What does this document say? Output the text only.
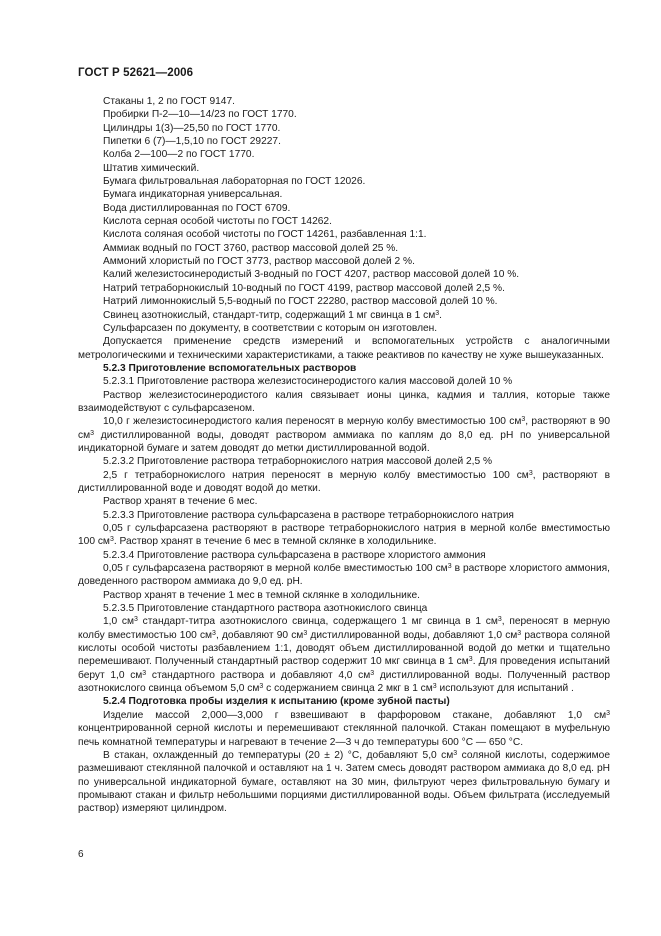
ГОСТ Р 52621—2006

Стаканы 1, 2 по ГОСТ 9147.

Пробирки П-2—10—14/23 по ГОСТ 1770.

Цилиндры 1(3)—25,50 по ГОСТ 1770.

Пипетки 6 (7)—1,5,10 по ГОСТ 29227.

Колба 2—100—2 по ГОСТ 1770.

Штатив химический.

Бумага фильтровальная лабораторная по ГОСТ 12026.

Бумага индикаторная универсальная.

Вода дистиллированная по ГОСТ 6709.

Кислота серная особой чистоты по ГОСТ 14262.

Кислота соляная особой чистоты по ГОСТ 14261, разбавленная 1:1.

Аммиак водный по ГОСТ 3760, раствор массовой долей 25 %.

Аммоний хлористый по ГОСТ 3773, раствор массовой долей 2 %.

Калий железистосинеродистый 3-водный по ГОСТ 4207, раствор массовой долей 10 %.

Натрий тетраборнокислый 10-водный по ГОСТ 4199, раствор массовой долей 2,5 %.

Натрий лимоннокислый 5,5-водный по ГОСТ 22280, раствор массовой долей 10 %.

Свинец азотнокислый, стандарт-титр, содержащий 1 мг свинца в 1 $см^3$.

Сульфарсазен по документу, в соответствии с которым он изготовлен.

Допускается применение средств измерений и вспомогательных устройств с аналогичными метрологическими и техническими характеристиками, а также реактивов по качеству не хуже вышеуказанных.

5.2.3 Приготовление вспомогательных растворов

5.2.3.1 Приготовление раствора железистосинеродистого калия массовой долей 10 %

Раствор железистосинеродистого калия связывает ионы цинка, кадмия и таллия, которые также взаимодействуют с сульфарсазеном.

10,0 г железистосинеродистого калия переносят в мерную колбу вместимостью 100 $см^3$, растворяют в 90 $см^3$ дистиллированной воды, доводят раствором аммиака по каплям до 8,0 ед. pH по универсальной индикаторной бумаге и затем доводят до метки дистиллированной водой.

5.2.3.2 Приготовление раствора тетраборнокислого натрия массовой долей 2,5 %

2,5 г тетраборнокислого натрия переносят в мерную колбу вместимостью 100 $см^3$, растворяют в дистиллированной воде и доводят водой до метки.

Раствор хранят в течение 6 мес.

5.2.3.3 Приготовление раствора сульфарсазена в растворе тетраборнокислого натрия

0,05 г сульфарсазена растворяют в растворе тетраборнокислого натрия в мерной колбе вместимостью 100 $см^3$. Раствор хранят в течение 6 мес в темной склянке в холодильнике.

5.2.3.4 Приготовление раствора сульфарсазена в растворе хлористого аммония

0,05 г сульфарсазена растворяют в мерной колбе вместимостью 100 $см^3$ в растворе хлористого аммония, доведенного раствором аммиака до 9,0 ед. pH.

Раствор хранят в течение 1 мес в темной склянке в холодильнике.

5.2.3.5 Приготовление стандартного раствора азотнокислого свинца

1,0 $см^3$ стандарт-титра азотнокислого свинца, содержащего 1 мг свинца в 1 $см^3$, переносят в мерную колбу вместимостью 100 $см^3$, добавляют 90 $см^3$ дистиллированной воды, добавляют 1,0 $см^3$ раствора соляной кислоты особой чистоты разбавлением 1:1, доводят объем дистиллированной водой до метки и тщательно перемешивают. Полученный стандартный раствор содержит 10 мкг свинца в 1 $см^3$. Для проведения испытаний берут 1,0 $см^3$ стандартного раствора и добавляют 4,0 $см^3$ дистиллированной воды. Полученный раствор азотнокислого свинца объемом 5,0 $см^3$ с содержанием свинца 2 мкг в 1 $см^3$ используют для испытаний .

5.2.4 Подготовка пробы изделия к испытанию (кроме зубной пасты)

Изделие массой 2,000—3,000 г взвешивают в фарфоровом стакане, добавляют 1,0 $см^3$ концентрированной серной кислоты и перемешивают стеклянной палочкой. Стакан помещают в муфельную печь комнатной температуры и нагревают в течение 2—3 ч до температуры 600 °C — 650 °C.

В стакан, охлажденный до температуры (20 ± 2) °C, добавляют 5,0 $см^3$ соляной кислоты, содержимое размешивают стеклянной палочкой и оставляют на 1 ч. Затем смесь доводят раствором аммиака до 8,0 ед. pH по универсальной индикаторной бумаге, оставляют на 30 мин, фильтруют через фильтровальную бумагу и промывают стакан и фильтр небольшими порциями дистиллированной воды. Объем фильтрата (исследуемый раствор) измеряют цилиндром.

6
